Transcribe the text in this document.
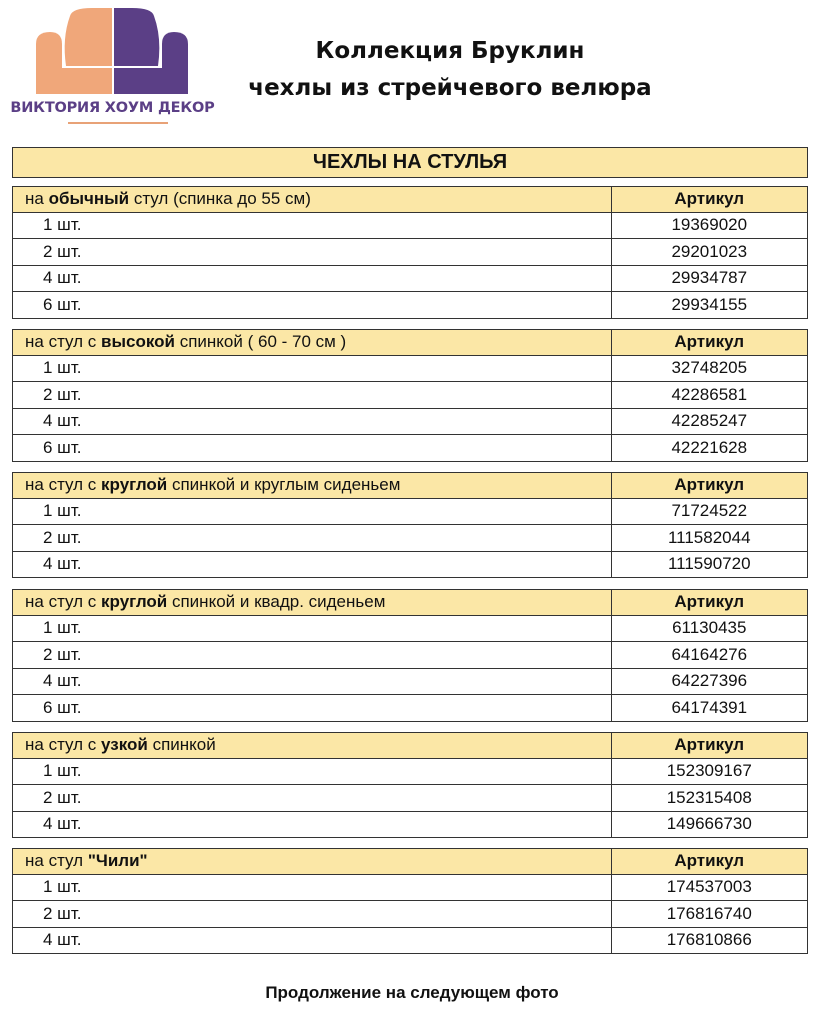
ВИКТОРИЯ ХОУМ ДЕКОР
Коллекция Бруклин
чехлы из стрейчевого велюра
ЧЕХЛЫ НА СТУЛЬЯ
на обычный стул (спинка до 55 см)	Артикул
1 шт.	19369020
2 шт.	29201023
4 шт.	29934787
6 шт.	29934155
на стул с высокой спинкой ( 60 - 70 см )	Артикул
1 шт.	32748205
2 шт.	42286581
4 шт.	42285247
6 шт.	42221628
на стул с круглой спинкой и круглым сиденьем	Артикул
1 шт.	71724522
2 шт.	111582044
4 шт.	111590720
на стул с круглой спинкой и квадр. сиденьем	Артикул
1 шт.	61130435
2 шт.	64164276
4 шт.	64227396
6 шт.	64174391
на стул с узкой спинкой	Артикул
1 шт.	152309167
2 шт.	152315408
4 шт.	149666730
на стул "Чили"	Артикул
1 шт.	174537003
2 шт.	176816740
4 шт.	176810866
Продолжение на следующем фото
